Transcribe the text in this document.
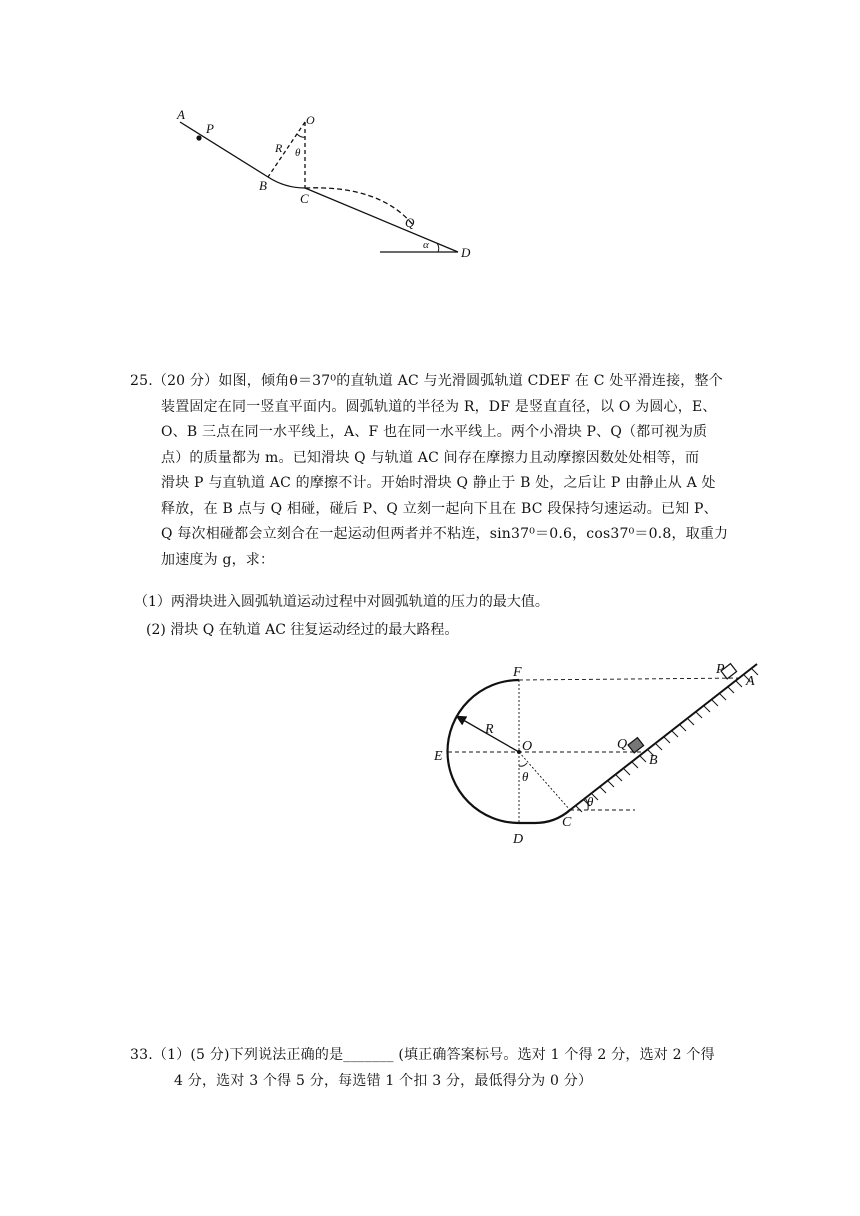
A
P
O
R θ
B
C
Q
α D
25.（20 分）如图，倾角θ＝37⁰的直轨道 AC 与光滑圆弧轨道 CDEF 在 C 处平滑连接，整个
装置固定在同一竖直平面内。圆弧轨道的半径为 R，DF 是竖直直径，以 O 为圆心，E、
O、B 三点在同一水平线上，A、F 也在同一水平线上。两个小滑块 P、Q（都可视为质
点）的质量都为 m。已知滑块 Q 与轨道 AC 间存在摩擦力且动摩擦因数处处相等，而
滑块 P 与直轨道 AC 的摩擦不计。开始时滑块 Q 静止于 B 处，之后让 P 由静止从 A 处
释放，在 B 点与 Q 相碰，碰后 P、Q 立刻一起向下且在 BC 段保持匀速运动。已知 P、
Q 每次相碰都会立刻合在一起运动但两者并不粘连，sin37⁰＝0.6，cos37⁰＝0.8，取重力
加速度为 g，求：
（1）两滑块进入圆弧轨道运动过程中对圆弧轨道的压力的最大值。
(2) 滑块 Q 在轨道 AC 往复运动经过的最大路程。
F	P
A
R
E
O	Q
B
θ
θ
C
D
33.（1）(5 分)下列说法正确的是_______ (填正确答案标号。选对 1 个得 2 分，选对 2 个得
4 分，选对 3 个得 5 分，每选错 1 个扣 3 分，最低得分为 0 分）
